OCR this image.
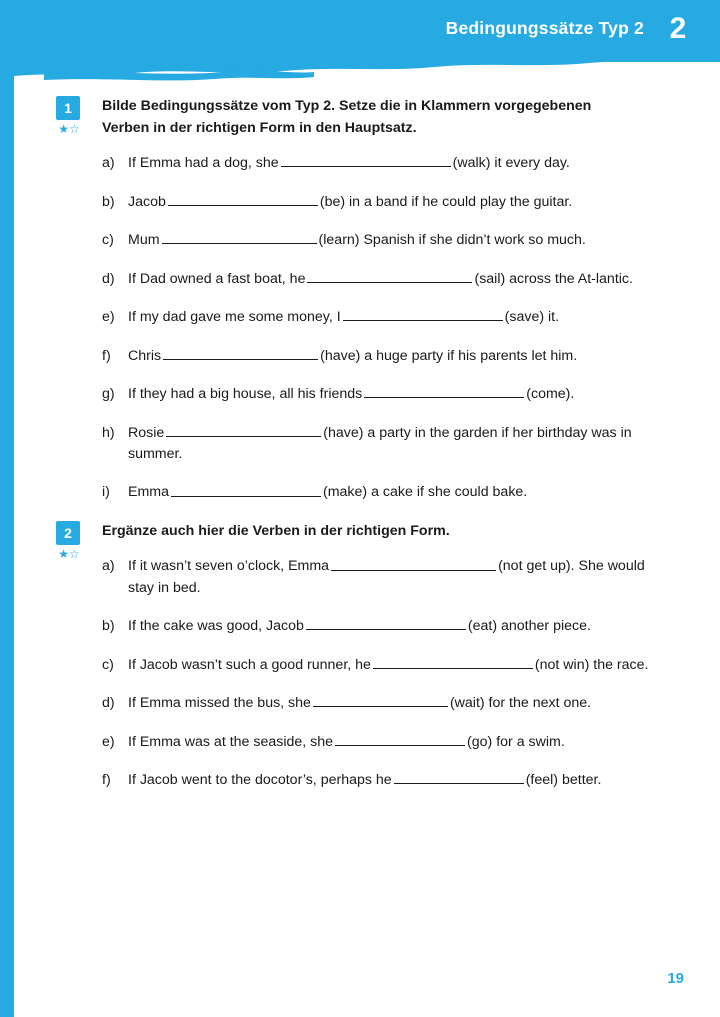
Bedingungssätze Typ 2 2
1
★☆
Bilde Bedingungssätze vom Typ 2. Setze die in Klammern vorgegebenen Verben in der richtigen Form in den Hauptsatz.
a) If Emma had a dog, she	(walk) it every day.
b) Jacob	(be) in a band if he could play the guitar.
c) Mum	(learn) Spanish if she didn’t work so much.
d) If Dad owned a fast boat, he	(sail) across the At-lantic.
e) If my dad gave me some money, I	(save) it.
f)	Chris	(have) a huge party if his parents let him.
g) If they had a big house, all his friends	(come).
h) Rosie	(have) a party in the garden if her birthday was in summer.
i)	Emma	(make) a cake if she could bake.
2
★☆
Ergänze auch hier die Verben in der richtigen Form.
a) If it wasn’t seven o’clock, Emma	(not get up). She would stay in bed.
b) If the cake was good, Jacob	(eat) another piece.
c) If Jacob wasn’t such a good runner, he	(not win) the race.
d) If Emma missed the bus, she	(wait) for the next one.
e) If Emma was at the seaside, she	(go) for a swim.
f)	If Jacob went to the docotor’s, perhaps he	(feel) better.
19
